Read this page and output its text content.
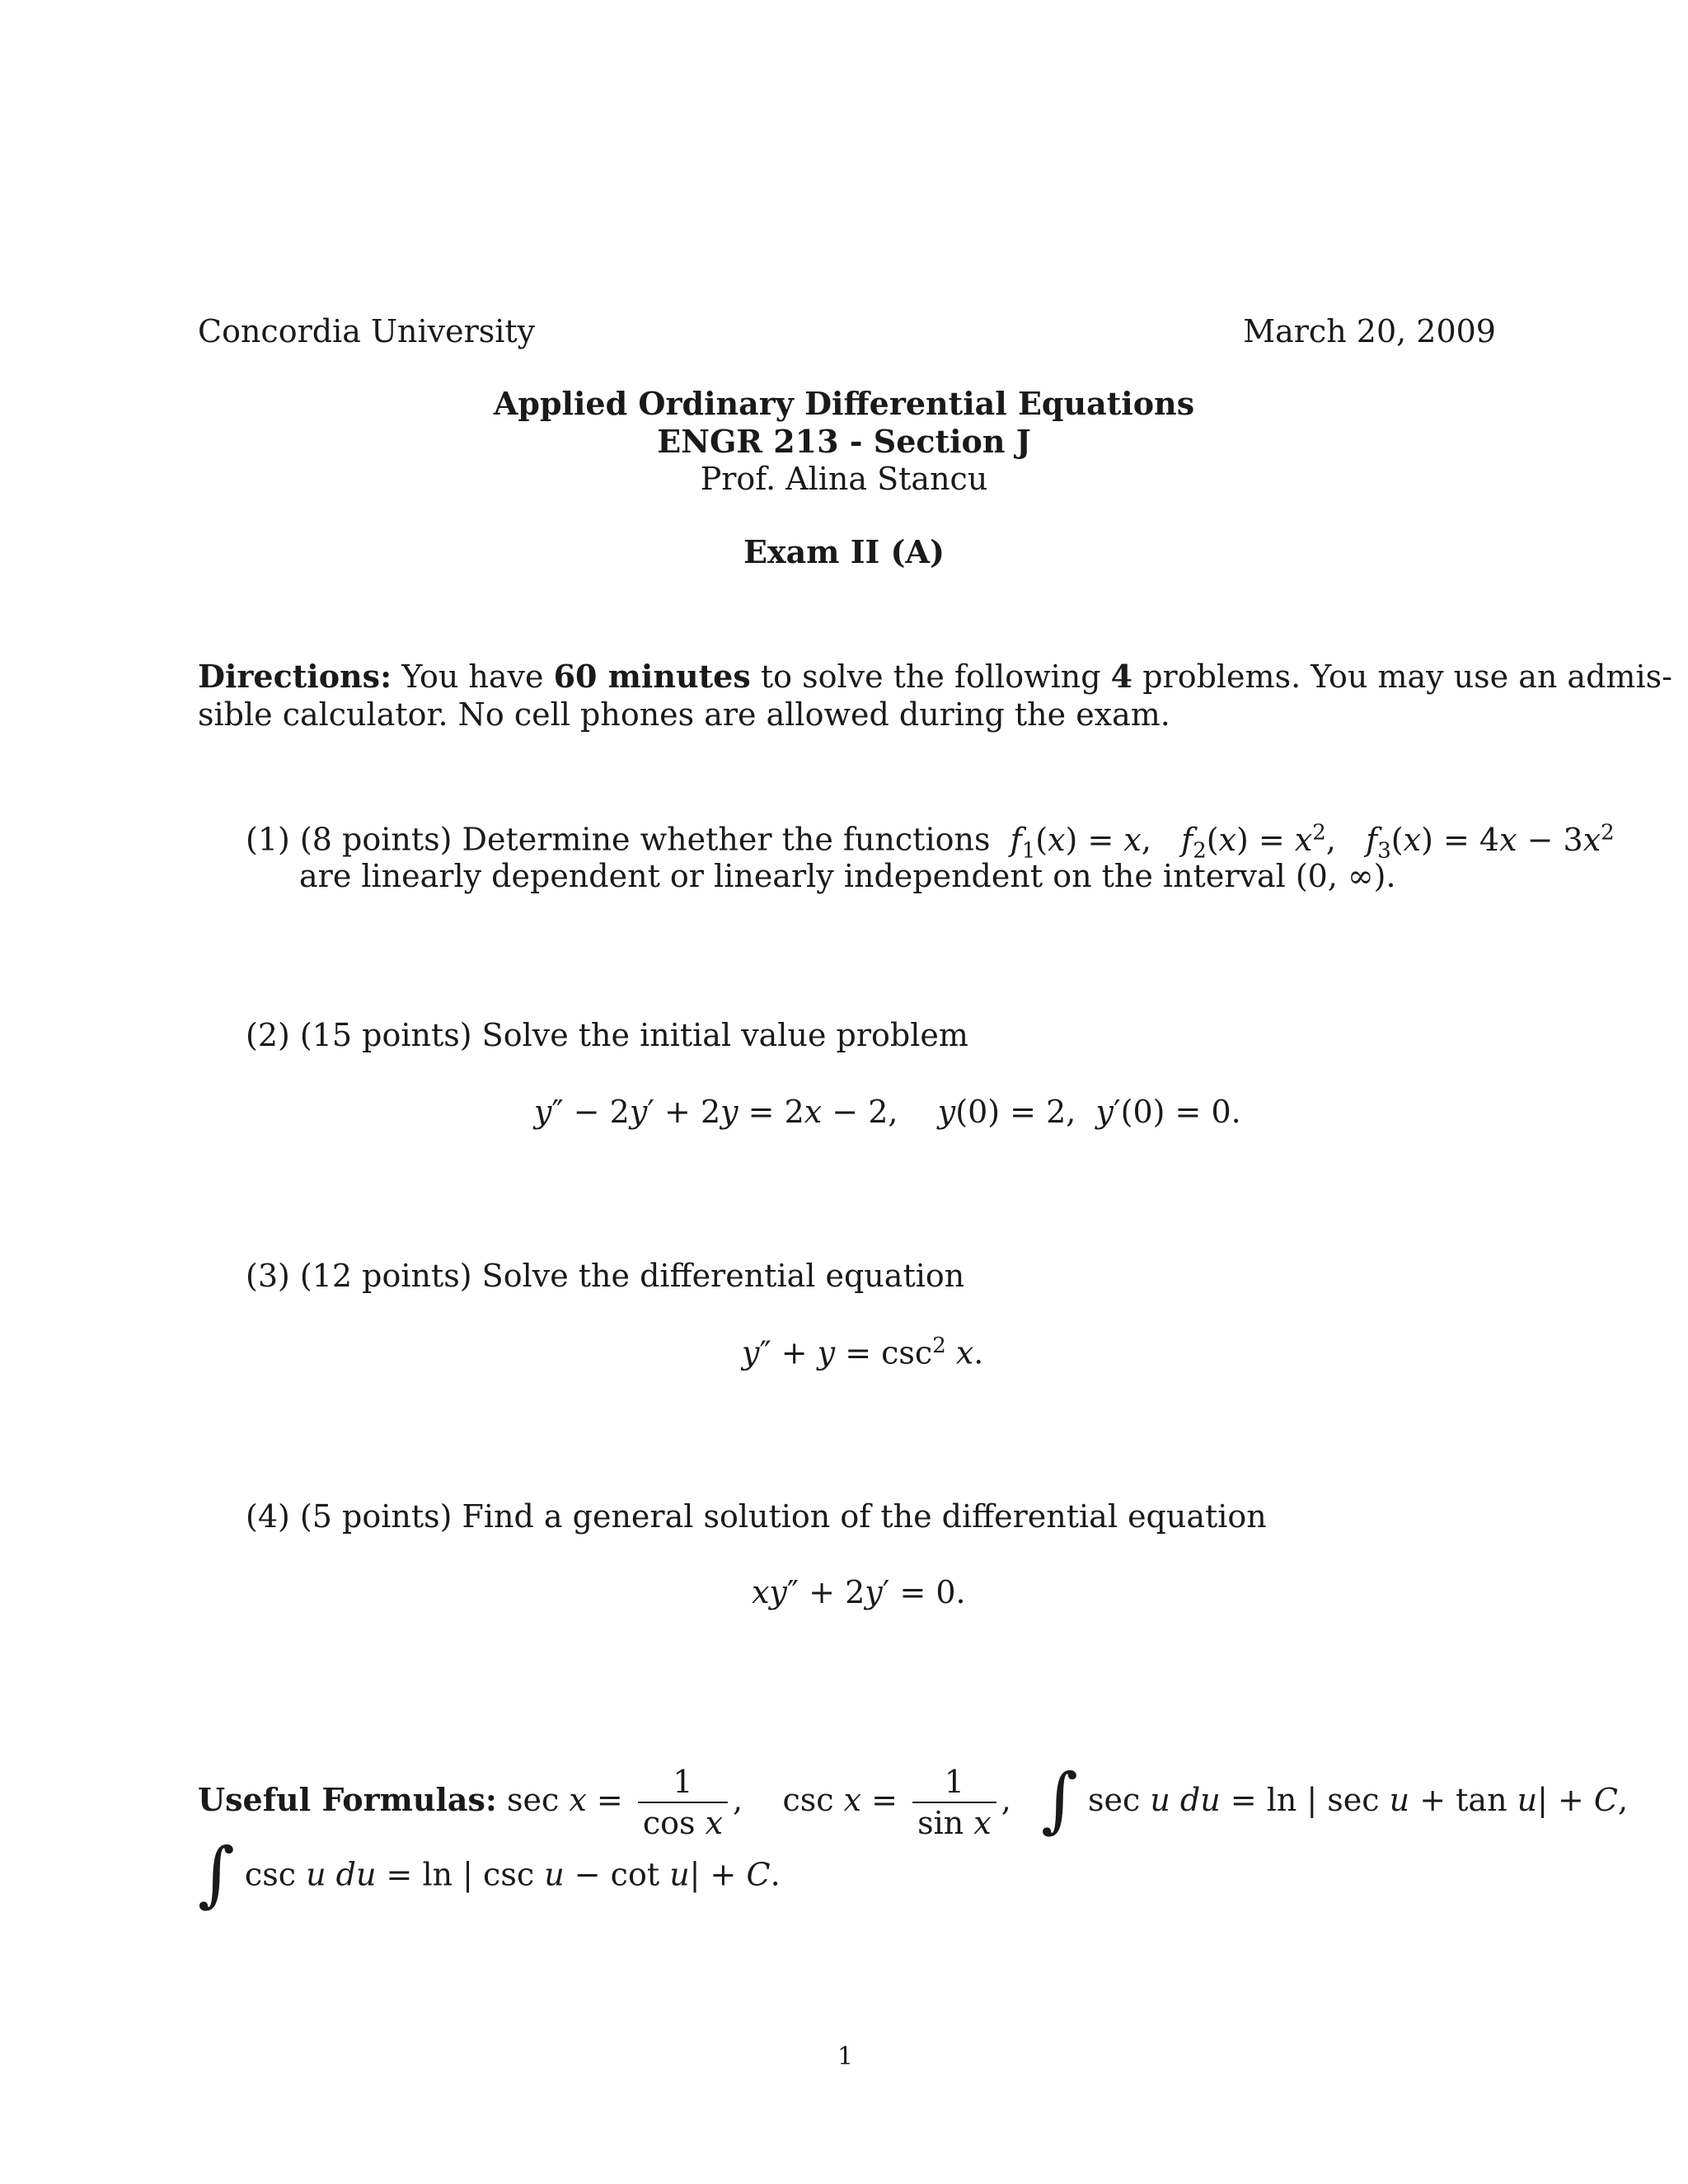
Concordia University	March 20, 2009
Applied Ordinary Differential Equations
ENGR 213 - Section J
Prof. Alina Stancu
Exam II (A)
Directions: You have 60 minutes to solve the following 4 problems. You may use an admis-
sible calculator. No cell phones are allowed during the exam.
(1) (8 points) Determine whether the functions $f_1(x) = x$,   $f_2(x) = x^2$,   $f_3(x) = 4x - 3x^2$
are linearly dependent or linearly independent on the interval (0, ∞).
(2) (15 points) Solve the initial value problem
y″ − 2y′ + 2y = 2x − 2,    y(0) = 2,  y′(0) = 0.
(3) (12 points) Solve the differential equation
$y'' + y = \csc^2 x$.
(4) (5 points) Find a general solution of the differential equation
xy″ + 2y′ = 0.
Useful Formulas: $\sec x = \frac{1}{\text{cos x}}$ , $\csc x = \frac{1}{\text{sin x}}$ , ∫ sec u du = ln | sec u + tan u| + C,
∫ csc u du = ln | csc u − cot u| + C.
1
